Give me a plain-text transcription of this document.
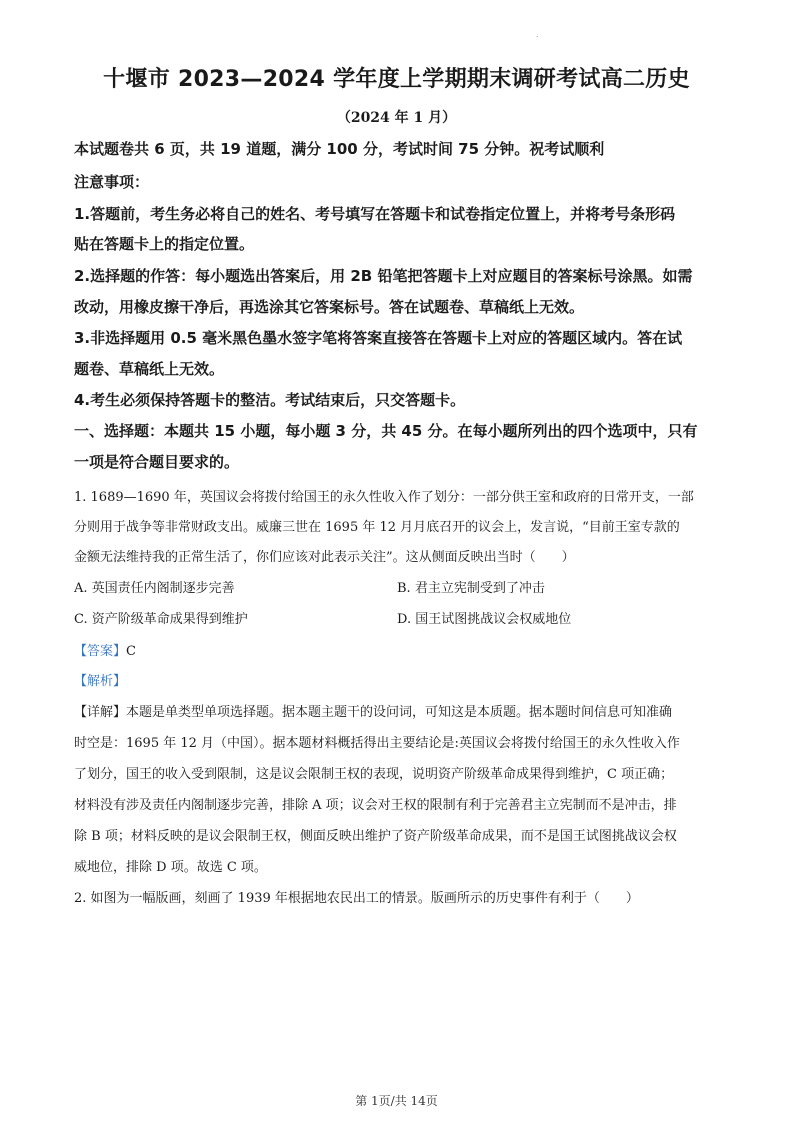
.
十堰市 2023—2024 学年度上学期期末调研考试高二历史
（2024 年 1 月）
本试题卷共 6 页，共 19 道题，满分 100 分，考试时间 75 分钟。祝考试顺利
注意事项：
1.答题前，考生务必将自己的姓名、考号填写在答题卡和试卷指定位置上，并将考号条形码
贴在答题卡上的指定位置。
2.选择题的作答：每小题选出答案后，用 2B 铅笔把答题卡上对应题目的答案标号涂黑。如需
改动，用橡皮擦干净后，再选涂其它答案标号。答在试题卷、草稿纸上无效。
3.非选择题用 0.5 毫米黑色墨水签字笔将答案直接答在答题卡上对应的答题区域内。答在试
题卷、草稿纸上无效。
4.考生必须保持答题卡的整洁。考试结束后，只交答题卡。
一、选择题：本题共 15 小题，每小题 3 分，共 45 分。在每小题所列出的四个选项中，只有
一项是符合题目要求的。
1. 1689—1690 年，英国议会将拨付给国王的永久性收入作了划分：一部分供王室和政府的日常开支，一部
分则用于战争等非常财政支出。威廉三世在 1695 年 12 月月底召开的议会上，发言说，“目前王室专款的
金额无法维持我的正常生活了，你们应该对此表示关注”。这从侧面反映出当时（　　）
A. 英国责任内阁制逐步完善	B. 君主立宪制受到了冲击
C. 资产阶级革命成果得到维护	D. 国王试图挑战议会权威地位
【答案】C
【解析】
【详解】本题是单类型单项选择题。据本题主题干的设问词，可知这是本质题。据本题时间信息可知准确
时空是：1695 年 12 月（中国）。据本题材料概括得出主要结论是:英国议会将拨付给国王的永久性收入作
了划分，国王的收入受到限制，这是议会限制王权的表现，说明资产阶级革命成果得到维护，C 项正确；
材料没有涉及责任内阁制逐步完善，排除 A 项；议会对王权的限制有利于完善君主立宪制而不是冲击，排
除 B 项；材料反映的是议会限制王权，侧面反映出维护了资产阶级革命成果，而不是国王试图挑战议会权
威地位，排除 D 项。故选 C 项。
2. 如图为一幅版画，刻画了 1939 年根据地农民出工的情景。版画所示的历史事件有利于（　　）
第 1页/共 14页
